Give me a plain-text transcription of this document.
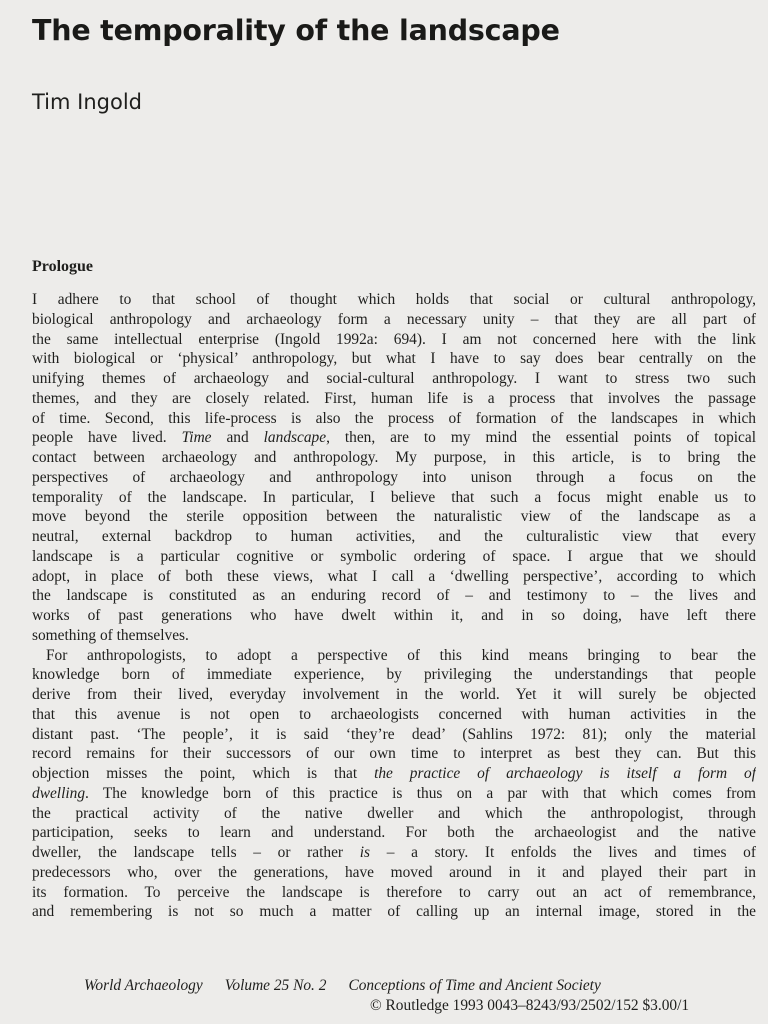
The temporality of the landscape
Tim Ingold
Prologue
I adhere to that school of thought which holds that social or cultural anthropology,
biological anthropology and archaeology form a necessary unity – that they are all part of
the same intellectual enterprise (Ingold 1992a: 694). I am not concerned here with the link
with biological or ‘physical’ anthropology, but what I have to say does bear centrally on the
unifying themes of archaeology and social-cultural anthropology. I want to stress two such
themes, and they are closely related. First, human life is a process that involves the passage
of time. Second, this life-process is also the process of formation of the landscapes in which
people have lived. Time and landscape, then, are to my mind the essential points of topical
contact between archaeology and anthropology. My purpose, in this article, is to bring the
perspectives of archaeology and anthropology into unison through a focus on the
temporality of the landscape. In particular, I believe that such a focus might enable us to
move beyond the sterile opposition between the naturalistic view of the landscape as a
neutral, external backdrop to human activities, and the culturalistic view that every
landscape is a particular cognitive or symbolic ordering of space. I argue that we should
adopt, in place of both these views, what I call a ‘dwelling perspective’, according to which
the landscape is constituted as an enduring record of – and testimony to – the lives and
works of past generations who have dwelt within it, and in so doing, have left there
something of themselves.
For anthropologists, to adopt a perspective of this kind means bringing to bear the
knowledge born of immediate experience, by privileging the understandings that people
derive from their lived, everyday involvement in the world. Yet it will surely be objected
that this avenue is not open to archaeologists concerned with human activities in the
distant past. ‘The people’, it is said ‘they’re dead’ (Sahlins 1972: 81); only the material
record remains for their successors of our own time to interpret as best they can. But this
objection misses the point, which is that the practice of archaeology is itself a form of
dwelling. The knowledge born of this practice is thus on a par with that which comes from
the practical activity of the native dweller and which the anthropologist, through
participation, seeks to learn and understand. For both the archaeologist and the native
dweller, the landscape tells – or rather is – a story. It enfolds the lives and times of
predecessors who, over the generations, have moved around in it and played their part in
its formation. To perceive the landscape is therefore to carry out an act of remembrance,
and remembering is not so much a matter of calling up an internal image, stored in the
World Archaeology Volume 25 No. 2 Conceptions of Time and Ancient Society
© Routledge 1993 0043–8243/93/2502/152 $3.00/1
